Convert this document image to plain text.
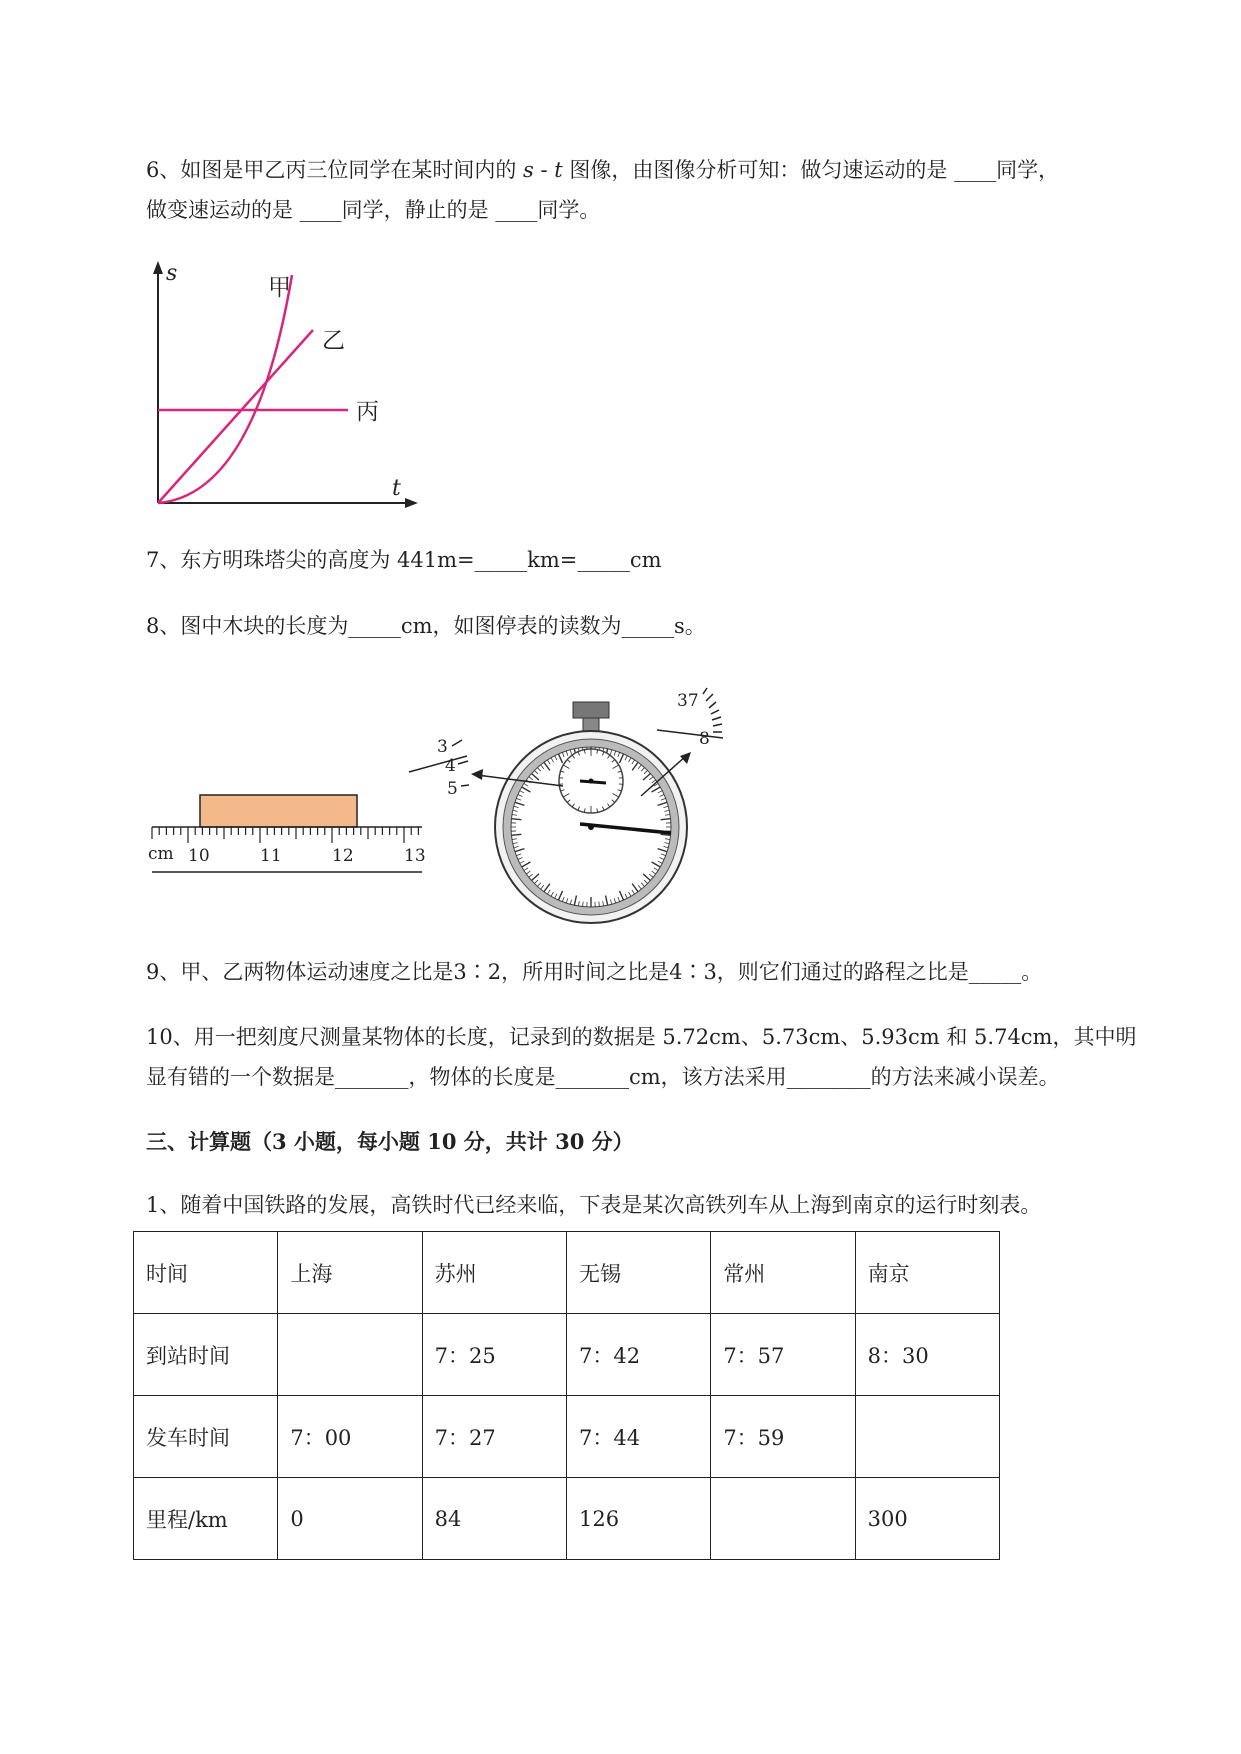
6、如图是甲乙丙三位同学在某时间内的 s - t 图像，由图像分析可知：做匀速运动的是 ____同学，
做变速运动的是 ____同学，静止的是 ____同学。
s
t
甲
乙
丙
7、东方明珠塔尖的高度为 441m=_____km=_____cm
8、图中木块的长度为_____cm，如图停表的读数为_____s。
cm 10	11	12	13
3
4
5
37
8
9、甲、乙两物体运动速度之比是3∶2，所用时间之比是4∶3，则它们通过的路程之比是_____。
10、用一把刻度尺测量某物体的长度，记录到的数据是 5.72cm、5.73cm、5.93cm 和 5.74cm，其中明
显有错的一个数据是_______，物体的长度是_______cm，该方法采用________的方法来减小误差。
三、计算题（3 小题，每小题 10 分，共计 30 分）
1、随着中国铁路的发展，高铁时代已经来临，下表是某次高铁列车从上海到南京的运行时刻表。
时间	上海	苏州	无锡	常州	南京
到站时间		7：25	7：42	7：57	8：30
发车时间	7：00	7：27	7：44	7：59	
里程/km	0	84	126		300
